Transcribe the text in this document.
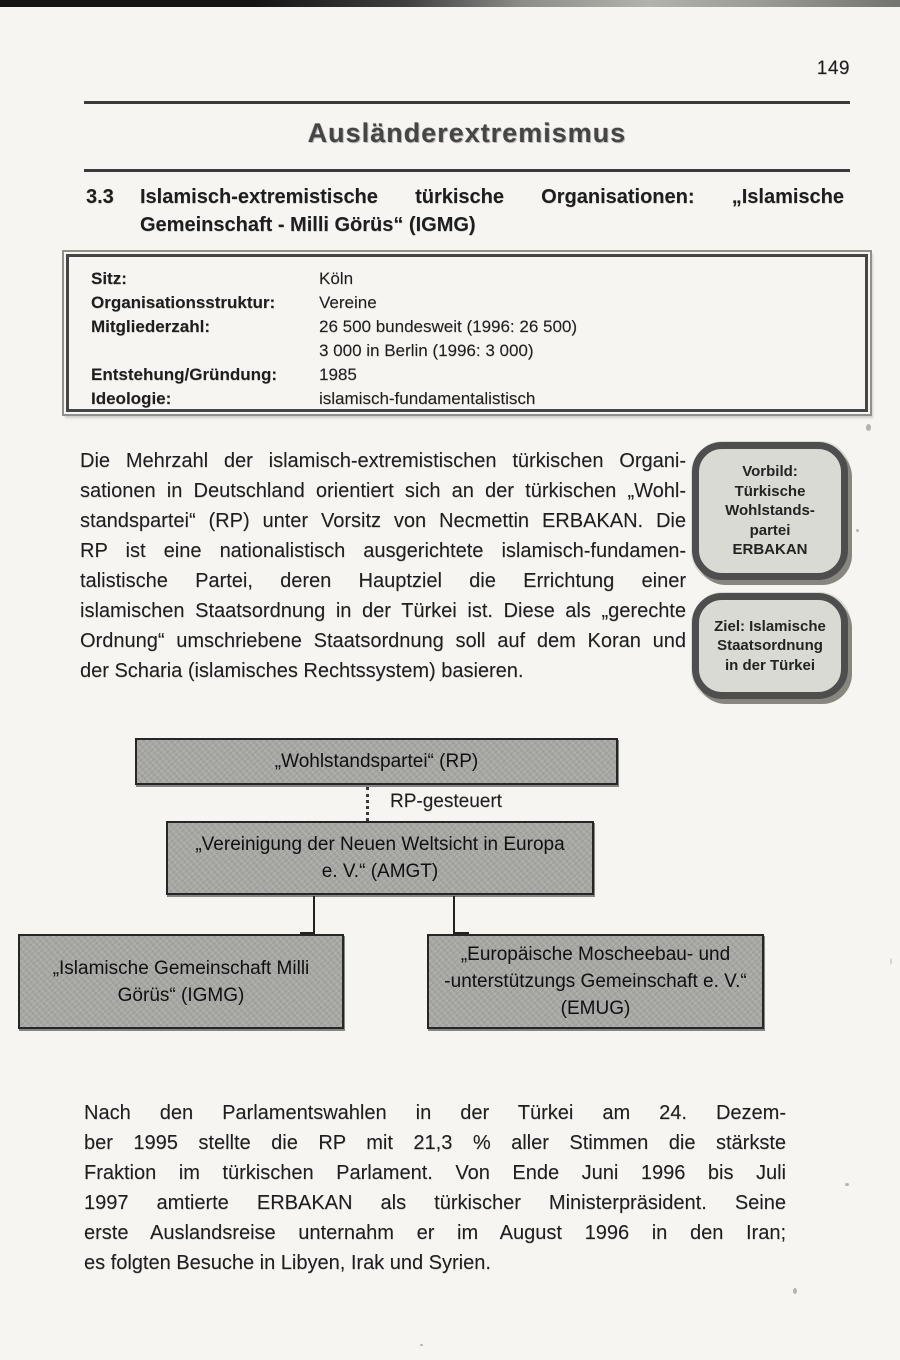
149
Ausländerextremismus
3.3 Islamisch-extremistische türkische Organisationen: „Islamische
Gemeinschaft - Milli Görüs“ (IGMG)
Sitz:	Köln
Organisationsstruktur:	Vereine
Mitgliederzahl:	26 500 bundesweit (1996: 26 500)
3 000 in Berlin (1996: 3 000)
Entstehung/Gründung:	1985
Ideologie:	islamisch-fundamentalistisch
Die Mehrzahl der islamisch-extremistischen türkischen Organi-
sationen in Deutschland orientiert sich an der türkischen „Wohl-
standspartei“ (RP) unter Vorsitz von Necmettin ERBAKAN. Die
RP ist eine nationalistisch ausgerichtete islamisch-fundamen-
talistische Partei, deren Hauptziel die Errichtung einer
islamischen Staatsordnung in der Türkei ist. Diese als „gerechte
Ordnung“ umschriebene Staatsordnung soll auf dem Koran und
der Scharia (islamisches Rechtssystem) basieren.
Vorbild:
Türkische
Wohlstands-
partei
ERBAKAN
Ziel: Islamische
Staatsordnung
in der Türkei
„Wohlstandspartei“ (RP)
RP-gesteuert
„Vereinigung der Neuen Weltsicht in Europa
e. V.“ (AMGT)
„Islamische Gemeinschaft Milli
Görüs“ (IGMG)
„Europäische Moscheebau- und
-unterstützungs Gemeinschaft e. V.“
(EMUG)
Nach den Parlamentswahlen in der Türkei am 24. Dezem-
ber 1995 stellte die RP mit 21,3 % aller Stimmen die stärkste
Fraktion im türkischen Parlament. Von Ende Juni 1996 bis Juli
1997 amtierte ERBAKAN als türkischer Ministerpräsident. Seine
erste Auslandsreise unternahm er im August 1996 in den Iran;
es folgten Besuche in Libyen, Irak und Syrien.
